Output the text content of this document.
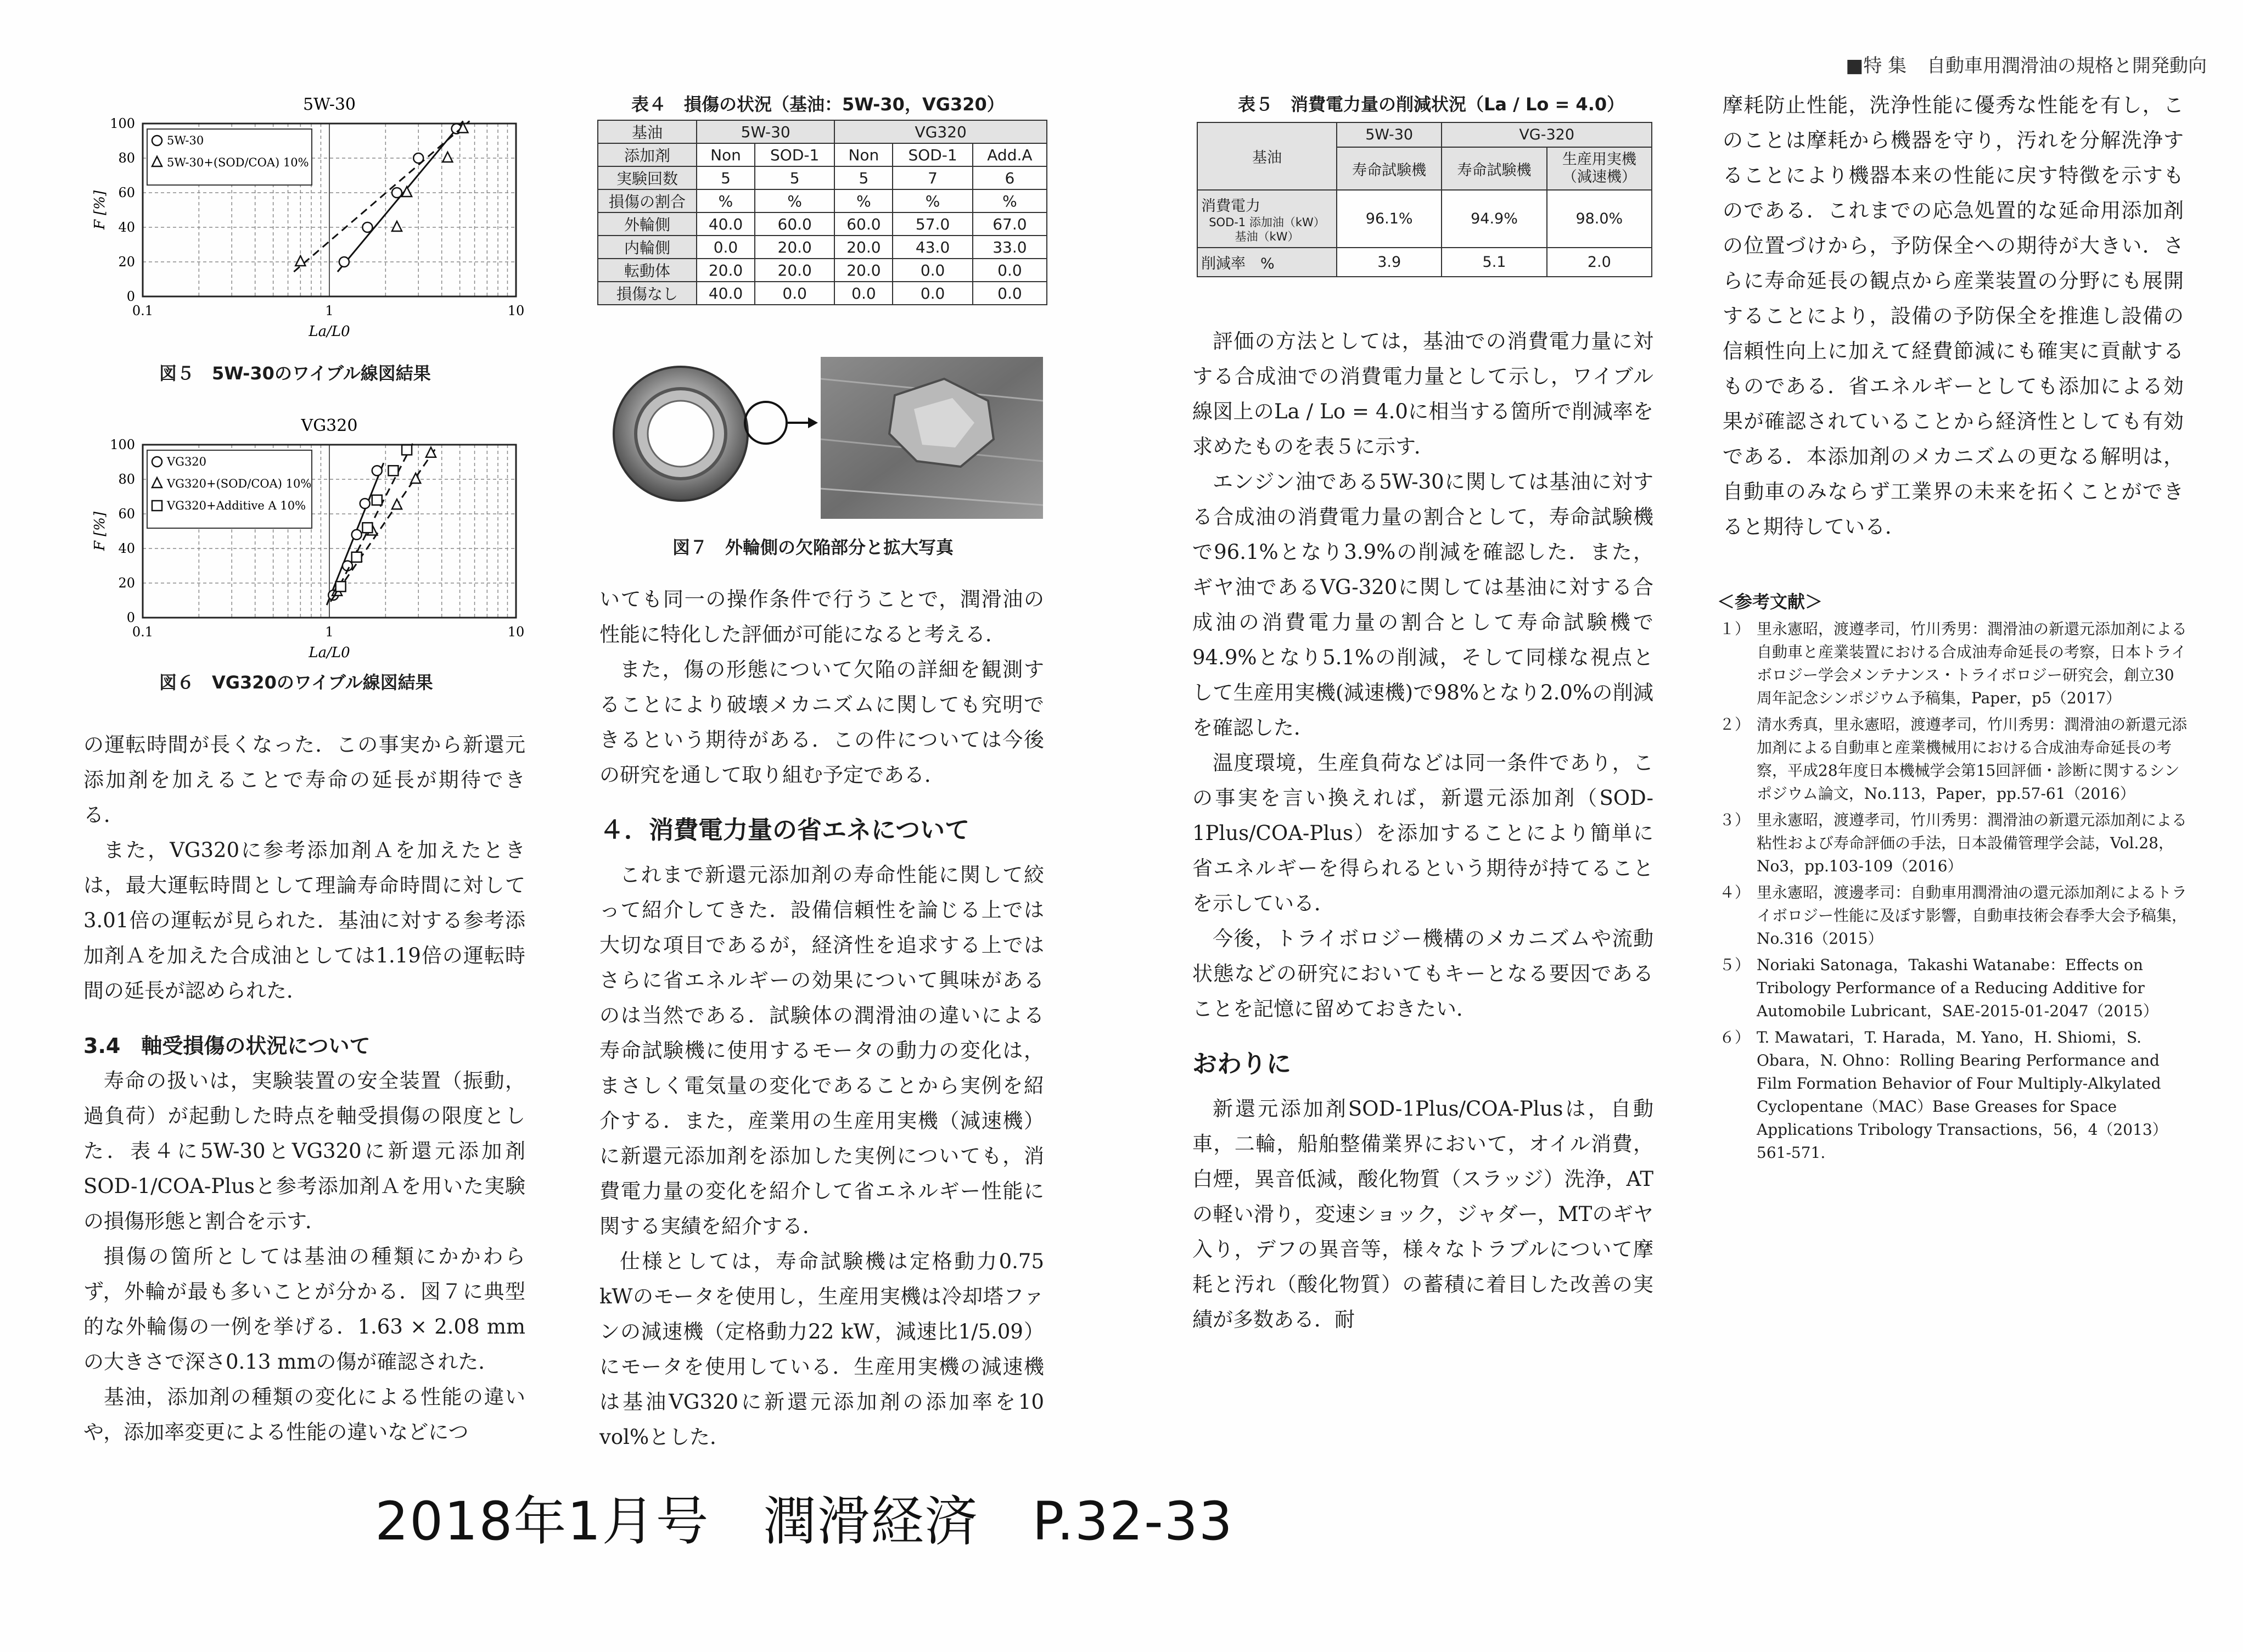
■特 集 自動車用潤滑油の規格と開発動向
5W-30
0.1	1	10
0
20
40
60
80
100
La/L0
F [%]
5W-30
5W-30+(SOD/COA) 10%
図５　5W-30のワイブル線図結果
VG320
0.1	1	10
0
20
40
60
80
100
La/L0
F [%]
VG320
VG320+(SOD/COA) 10%
VG320+Additive A 10%
図６　VG320のワイブル線図結果
表４　損傷の状況（基油：5W-30，VG320）
基油	5W-30		VG320		
添加剤	Non	SOD-1	Non	SOD-1	Add.A
実験回数	5	5	5	7	6
損傷の割合	%	%	%	%	%
外輪側	40.0	60.0	60.0	57.0	67.0
内輪側	0.0	20.0	20.0	43.0	33.0
転動体	20.0	20.0	20.0	0.0	0.0
損傷なし	40.0	0.0	0.0	0.0	0.0
図７　外輪側の欠陥部分と拡大写真
表５　消費電力量の削減状況（Lа / Lо = 4.0）
基油	5W-30	VG-320	
	寿命試験機	寿命試験機	生産用実機
（減速機）

消費電力
SOD-1 添加油（kW）
基油（kW）	96.1%	94.9%	98.0%
削減率　%	3.9	5.1	2.0

の運転時間が長くなった．この事実から新還元添加剤を加えることで寿命の延長が期待できる．

また，VG320に参考添加剤Ａを加えたときは，最大運転時間として理論寿命時間に対して3.01倍の運転が見られた．基油に対する参考添加剤Ａを加えた合成油としては1.19倍の運転時間の延長が認められた．

3.4　軸受損傷の状況について

寿命の扱いは，実験装置の安全装置（振動，過負荷）が起動した時点を軸受損傷の限度とした．表４に5W-30とVG320に新還元添加剤SOD-1/COA-Plusと参考添加剤Ａを用いた実験の損傷形態と割合を示す．

損傷の箇所としては基油の種類にかかわらず，外輪が最も多いことが分かる．図７に典型的な外輪傷の一例を挙げる．1.63 × 2.08 mmの大きさで深さ0.13 mmの傷が確認された．

基油，添加剤の種類の変化による性能の違いや，添加率変更による性能の違いなどにつ

いても同一の操作条件で行うことで，潤滑油の性能に特化した評価が可能になると考える．

また，傷の形態について欠陥の詳細を観測することにより破壊メカニズムに関しても究明できるという期待がある．この件については今後の研究を通して取り組む予定である．

４．消費電力量の省エネについて

これまで新還元添加剤の寿命性能に関して絞って紹介してきた．設備信頼性を論じる上では大切な項目であるが，経済性を追求する上ではさらに省エネルギーの効果について興味があるのは当然である．試験体の潤滑油の違いによる寿命試験機に使用するモータの動力の変化は，まさしく電気量の変化であることから実例を紹介する．また，産業用の生産用実機（減速機）に新還元添加剤を添加した実例についても，消費電力量の変化を紹介して省エネルギー性能に関する実績を紹介する．

仕様としては，寿命試験機は定格動力0.75 kWのモータを使用し，生産用実機は冷却塔ファンの減速機（定格動力22 kW，減速比1/5.09）にモータを使用している．生産用実機の減速機は基油VG320に新還元添加剤の添加率を10 vol%とした．

評価の方法としては，基油での消費電力量に対する合成油での消費電力量として示し，ワイブル線図上のLа / Lо = 4.0に相当する箇所で削減率を求めたものを表５に示す．

エンジン油である5W-30に関しては基油に対する合成油の消費電力量の割合として，寿命試験機で96.1%となり3.9%の削減を確認した．また，ギヤ油であるVG-320に関しては基油に対する合成油の消費電力量の割合として寿命試験機で94.9%となり5.1%の削減，そして同様な視点として生産用実機(減速機)で98%となり2.0%の削減を確認した．

温度環境，生産負荷などは同一条件であり，この事実を言い換えれば，新還元添加剤（SOD-1Plus/COA-Plus）を添加することにより簡単に省エネルギーを得られるという期待が持てることを示している．

今後，トライボロジー機構のメカニズムや流動状態などの研究においてもキーとなる要因であることを記憶に留めておきたい．

おわりに

新還元添加剤SOD-1Plus/COA-Plusは，自動車，二輪，船舶整備業界において，オイル消費，白煙，異音低減，酸化物質（スラッジ）洗浄，ATの軽い滑り，変速ショック，ジャダー，MTのギヤ入り，デフの異音等，様々なトラブルについて摩耗と汚れ（酸化物質）の蓄積に着目した改善の実績が多数ある．耐

摩耗防止性能，洗浄性能に優秀な性能を有し，このことは摩耗から機器を守り，汚れを分解洗浄することにより機器本来の性能に戻す特徴を示すものである．これまでの応急処置的な延命用添加剤の位置づけから，予防保全への期待が大きい．さらに寿命延長の観点から産業装置の分野にも展開することにより，設備の予防保全を推進し設備の信頼性向上に加えて経費節減にも確実に貢献するものである．省エネルギーとしても添加による効果が確認されていることから経済性としても有効である．本添加剤のメカニズムの更なる解明は，自動車のみならず工業界の未来を拓くことができると期待している．

＜参考文献＞
１） 里永憲昭，渡遵孝司，竹川秀男：潤滑油の新還元添加剤による自動車と産業装置における合成油寿命延長の考察，日本トライボロジー学会メンテナンス・トライボロジー研究会，創立30周年記念シンポジウム予稿集，Paper，p5（2017）
２） 清水秀真，里永憲昭，渡遵孝司，竹川秀男：潤滑油の新還元添加剤による自動車と産業機械用における合成油寿命延長の考察，平成28年度日本機械学会第15回評価・診断に関するシンポジウム論文，No.113，Paper，pp.57-61（2016）
３） 里永憲昭，渡遵孝司，竹川秀男：潤滑油の新還元添加剤による粘性および寿命評価の手法，日本設備管理学会誌，Vol.28，No3，pp.103-109（2016）
４） 里永憲昭，渡邊孝司：自動車用潤滑油の還元添加剤によるトライボロジー性能に及ぼす影響，自動車技術会春季大会予稿集，No.316（2015）
５） Noriaki Satonaga，Takashi Watanabe：Effects on Tribology Performance of a Reducing Additive for Automobile Lubricant，SAE-2015-01-2047（2015）
６） T. Mawatari，T. Harada，M. Yano，H. Shiomi，S. Obara，N. Ohno：Rolling Bearing Performance and Film Formation Behavior of Four Multiply-Alkylated Cyclopentane（MAC）Base Greases for Space Applications Tribology Transactions，56，4（2013）561-571.
2018年1月号　潤滑経済　P.32-33
